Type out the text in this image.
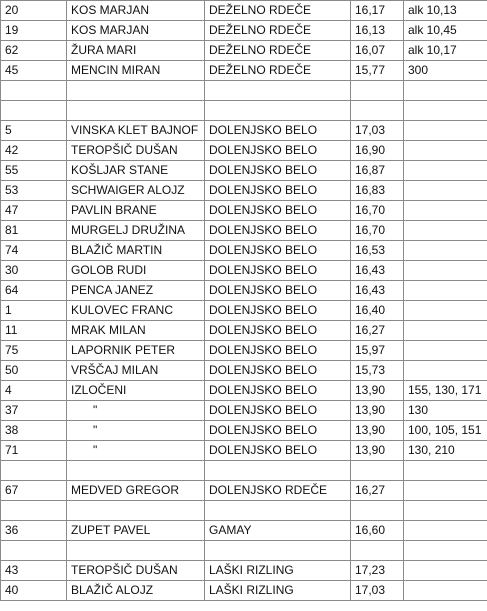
20	KOS MARJAN	DEŽELNO RDEČE	16,17	alk 10,13
19	KOS MARJAN	DEŽELNO RDEČE	16,13	alk 10,45
62	ŽURA MARI	DEŽELNO RDEČE	16,07	alk 10,17
45	MENCIN MIRAN	DEŽELNO RDEČE	15,77	300

5	VINSKA KLET BAJNOF	DOLENJSKO BELO	17,03	
42	TEROPŠIČ DUŠAN	DOLENJSKO BELO	16,90	
55	KOŠLJAR STANE	DOLENJSKO BELO	16,87	
53	SCHWAIGER ALOJZ	DOLENJSKO BELO	16,83	
47	PAVLIN BRANE	DOLENJSKO BELO	16,70	
81	MURGELJ DRUŽINA	DOLENJSKO BELO	16,70	
74	BLAŽIČ MARTIN	DOLENJSKO BELO	16,53	
30	GOLOB RUDI	DOLENJSKO BELO	16,43	
64	PENCA JANEZ	DOLENJSKO BELO	16,43	
1	KULOVEC FRANC	DOLENJSKO BELO	16,40	
11	MRAK MILAN	DOLENJSKO BELO	16,27	
75	LAPORNIK PETER	DOLENJSKO BELO	15,97	
50	VRŠČAJ MILAN	DOLENJSKO BELO	15,73	
4	IZLOČENI	DOLENJSKO BELO	13,90	155, 130, 171
37	"	DOLENJSKO BELO	13,90	130
38	"	DOLENJSKO BELO	13,90	100, 105, 151
71	"	DOLENJSKO BELO	13,90	130, 210

67	MEDVED GREGOR	DOLENJSKO RDEČE	16,27	

36	ZUPET PAVEL	GAMAY	16,60	

43	TEROPŠIČ DUŠAN	LAŠKI RIZLING	17,23	
40	BLAŽIČ ALOJZ	LAŠKI RIZLING	17,03	
